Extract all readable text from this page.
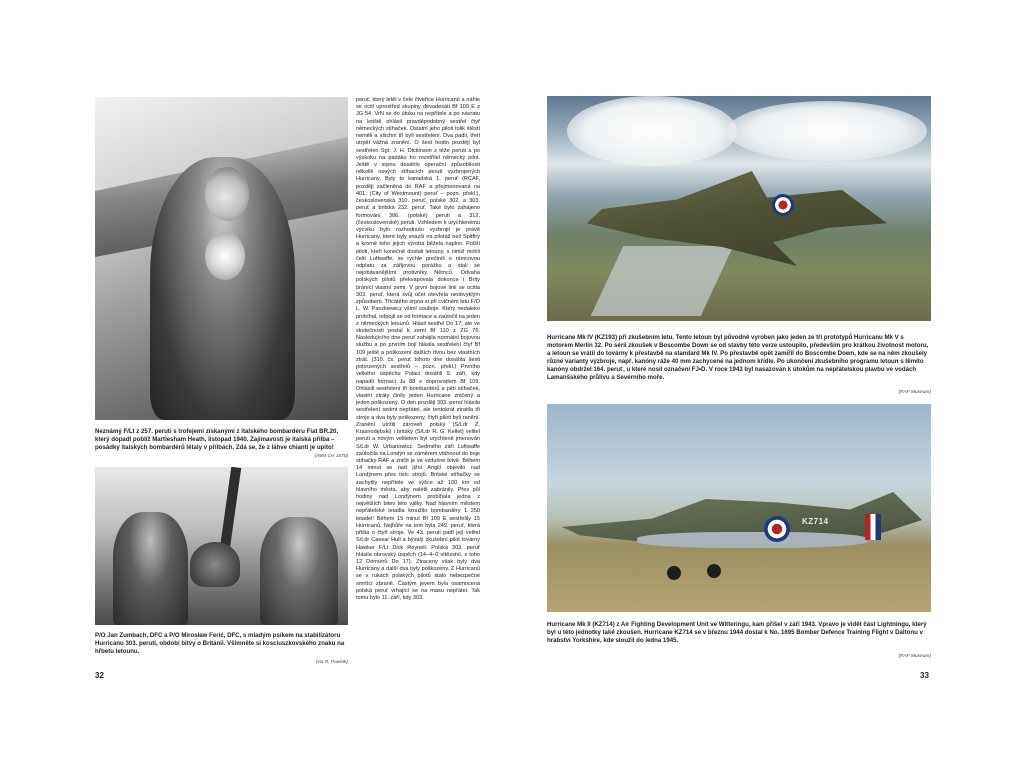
Neznámý F/Lt z 257. peruti s trofejemi získanými z italského bombardéru Fiat BR.20, který dopadl poblíž Martlesham Heath, listopad 1940. Zajímavostí je italská přilba – posádky italských bombardérů létaly v přílbách. Zdá se, že z láhve chianti je upito!
(IWM CH 1670)
P/O Jan Zumbach, DFC a P/O Mirosław Ferić, DFC, s mladým psíkem na stabilizátoru Hurricanu 303. peruti, období bitvy o Británii. Všimněte si kosciuszkovského znaku na hřbetu letounu.
(via R. Pawlak)

peruť, který letěl v čele čtveřice Hurricanů a náhle se ocitl uprostřed skupiny devadesáti Bf 109 E z JG 54. VrN se do útoku na nepřítele a po návratu na letiště ohlásil pravděpodobný sestřel čtyř německých stíhaček. Ostatní jeho piloti tolik štěstí neměli a všichni tři byli sestřeleni. Dva padli, třetí utrpěl vážná zranění. O šest hodin později byl sestřelen Sgt. J. H. Dickinson z téže peruti a po výskoku na padáku ho rozstřílel německý pilot. Ještě v srpnu dosáhlo operační způsobilosti několik nových stíhacích perutí vyzbrojených Hurricany. Byly to kanadská 1. peruť (RCAF, později začleněná do RAF a přejmenovaná na 401. (City of Westmount) peruť – pozn. překl.), československá 310. peruť, polské 302. a 303. peruť a britská 232. peruť. Také bylo zahájeno formování 306. (polské) peruti a 312. (československé) peruti. Vzhledem k urychlenému výcviku bylo rozhodnuto vyzbrojit je právě Hurricany, které byly snazší na pilotáž než Spitfiry a kromě toho jejich výroba běžela naplno. Polští piloti, kteří konečně dostali letouny, s nimiž mohli čelit Luftwaffe, se rychle prečinili o rámcovou odplatu za zářijovou porážku a stali se nejobávanějšími protivníky Němců. Odvaha polských pilotů překvapovala dokonce i Brity bránící vlastní zemi. V první bojové linii se ocitla 303. peruť, která svůj účet otevřela neobvyklým způsobem. Třicátého srpna si při cvičném letu F/O L. W. Paszkiewicz všiml souboje. Který nedaleko probíhal, odpojil se od formace a zaútočil na jeden z německých letounů. Hlásil sestřel Do 17, ale ve skutečnosti poslal k zemi Bf 110 z ZG 76. Následujícího dne peruť zahájila normální bojovou službu a po prvním boji hlásila sestřelení čtyř Bf 109 ještě a poškození dalších dvou bez vlastních ztrát. (310. čs. peruť tohoto dne dosáhla šesti potvrzených sestřelů – pozn. překl.) Prvního velkého úspěchu Poláci dosáhli 5. září, kdy napadli formaci Ju 88 s doprovodem Bf 109. Ohlásili sestřelení tří bombardérů a pěti stíhaček, vlastní ztráty činily jeden Hurricane zničený a jeden poškozený. O den později 303. peruť hlásila sestřelení sedmi nepřátel, ale tentokrát ztratila tři stroje a dva byly poškozeny, čtyři piloti byli ranění. Zranění utržili zároveň polský (S/Ldr Z. Krasnodębski) i britský (S/Ldr R. G. Kellet) velitel peruti a novým velitelem byl urychleně jmenován S/Ldr W. Urbanowicz. Sedmého září Luftwaffe zaútočila na Londýn se záměrem vtáhnout do boje stíhačky RAF a zničit je ve vzdušné bitvě. Během 14 minut se nad jižní Anglií objevilo nad Londýnem přes tisíc strojů. Britské stíhačky se zachytily nepřítele ve výšce až 100 km od hlavního města, aby nalétli zabránily. Přes půl hodiny nad Londýnem probíhala jedna z největších bitev této války. Nad hlavním městem nepřátelské letadla kroužilo bombardéry 1 250 letadel! Během 15 minut Bf 109 E sestřelily 15 Hurricanů. Nejhůře na tom byla 249. peruť, která přišla o čtyři stroje. Ve 43. peruti padl její velitel S/Ldr Caesar Hull a bývalý zkušební pilot továrny Hawker F/Lt Dick Reynell. Polská 303. peruť hlásila obrovský úspěch (14–4–0 vítězství, z toho 12 Dornierů Do 17). Ztraceny však byly dva Hurricany a další dva byly poškozeny. Z Hurricanů se v rukách polských pilotů stalo nebezpečné smrtící zbraně. Častým jevem byla osamocená polská peruť vrhající se na masu nepřátel. Tak tomu bylo 11. září, kdy 303.

32
Hurricane Mk IV (KZ193) při zkušebním letu. Tento letoun byl původně vyroben jako jeden ze tří prototypů Hurricanu Mk V s motorem Merlin 32. Po sérii zkoušek v Boscombe Down se od stavby této verze ustoupilo, především pro krátkou životnost motoru, a letoun se vrátil do továrny k přestavbě na standard Mk IV. Po přestavbě opět zamířil do Boscombe Down, kde se na něm zkoušely různé varianty výzbroje, např. kanóny ráže 40 mm zachycené na jednom křídle. Po ukončení zkušebního programu letoun s těmito kanóny obdržel 164. peruť, u které nosil označení FJ•D. V roce 1943 byl nasazován k útokům na nepřátelskou plavbu ve vodách Lamanšského průlivu a Severního moře.
(RAF Museum)
KZ714
Hurricane Mk II (KZ714) z Air Fighting Development Unit ve Witteringu, kam přišel v září 1943. Vpravo je vidět část Lightningu, který byl u této jednotky také zkoušen. Hurricane KZ714 se v březnu 1944 dostal k No. 1695 Bomber Defence Training Flight v Daltonu v hrabství Yorkshire, kde sloužil do ledna 1945.
(RAF Museum)
33
